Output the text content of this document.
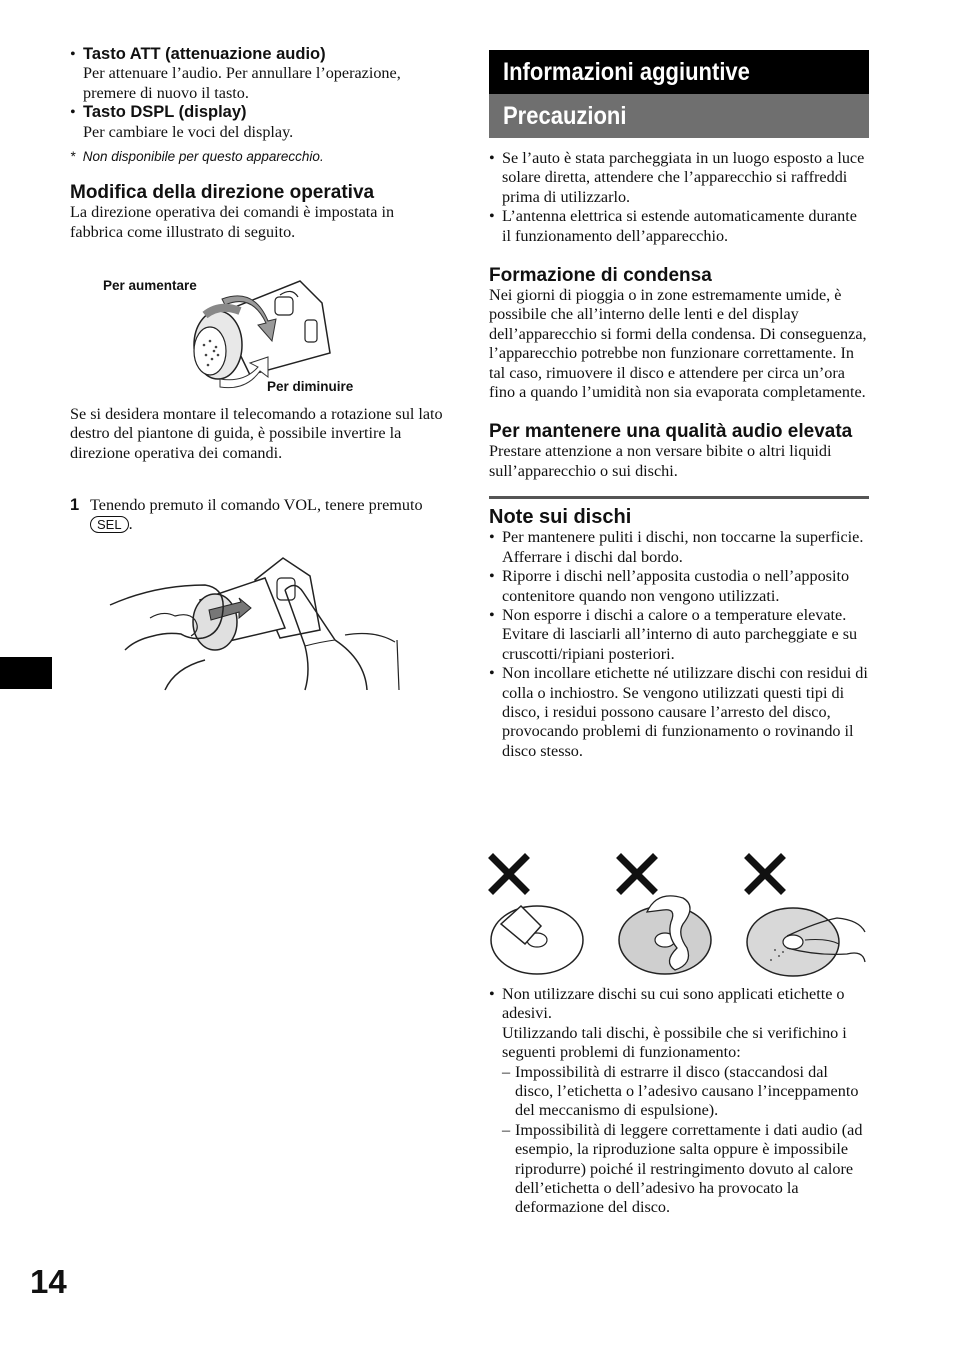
14
• Tasto ATT (attenuazione audio)
Per attenuare l’audio. Per annullare l’operazione, premere di nuovo il tasto.
• Tasto DSPL (display)
Per cambiare le voci del display.
* Non disponibile per questo apparecchio.
Modifica della direzione operativa
La direzione operativa dei comandi è impostata in fabbrica come illustrato di seguito.
Per aumentare
Per diminuire
Se si desidera montare il telecomando a rotazione sul lato destro del piantone di guida, è possibile invertire la direzione operativa dei comandi.
1 Tenendo premuto il comando VOL, tenere premuto SEL .
Informazioni aggiuntive
Precauzioni
• Se l’auto è stata parcheggiata in un luogo esposto a luce solare diretta, attendere che l’apparecchio si raffreddi prima di utilizzarlo.
• L’antenna elettrica si estende automaticamente durante il funzionamento dell’apparecchio.
Formazione di condensa
Nei giorni di pioggia o in zone estremamente umide, è possibile che all’interno delle lenti e del display dell’apparecchio si formi della condensa. Di conseguenza, l’apparecchio potrebbe non funzionare correttamente. In tal caso, rimuovere il disco e attendere per circa un’ora fino a quando l’umidità non sia evaporata completamente.
Per mantenere una qualità audio elevata
Prestare attenzione a non versare bibite o altri liquidi sull’apparecchio o sui dischi.
Note sui dischi
• Per mantenere puliti i dischi, non toccarne la superficie. Afferrare i dischi dal bordo.
• Riporre i dischi nell’apposita custodia o nell’apposito contenitore quando non vengono utilizzati.
• Non esporre i dischi a calore o a temperature elevate. Evitare di lasciarli all’interno di auto parcheggiate e su cruscotti/ripiani posteriori.
• Non incollare etichette né utilizzare dischi con residui di colla o inchiostro. Se vengono utilizzati questi tipi di disco, i residui possono causare l’arresto del disco, provocando problemi di funzionamento o rovinando il disco stesso.
• Non utilizzare dischi su cui sono applicati etichette o adesivi.
Utilizzando tali dischi, è possibile che si verifichino i seguenti problemi di funzionamento:
– Impossibilità di estrarre il disco (staccandosi dal disco, l’etichetta o l’adesivo causano l’inceppamento del meccanismo di espulsione).
– Impossibilità di leggere correttamente i dati audio (ad esempio, la riproduzione salta oppure è impossibile riprodurre) poiché il restringimento dovuto al calore dell’etichetta o dell’adesivo ha provocato la deformazione del disco.
